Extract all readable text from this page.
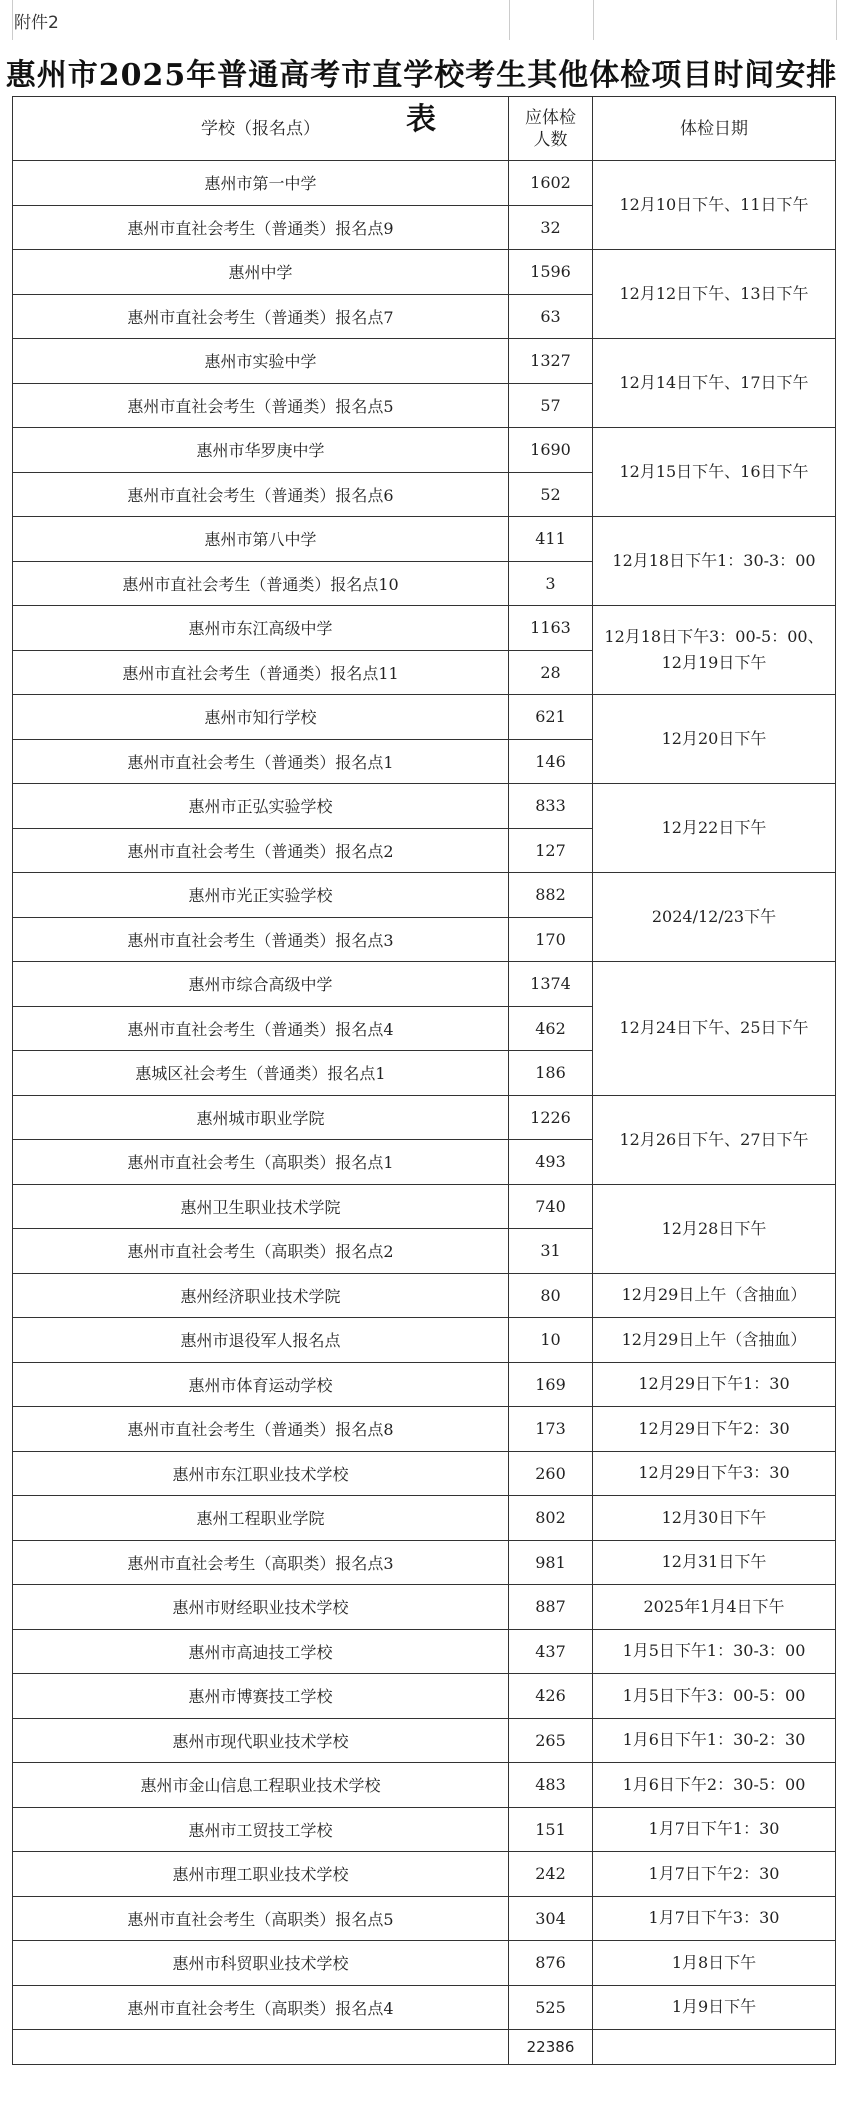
附件2
惠州市2025年普通高考市直学校考生其他体检项目时间安排表
学校（报名点）	应体检人数	体检日期
惠州市第一中学	1602	12月10日下午、11日下午
惠州市直社会考生（普通类）报名点9	32	
惠州中学	1596	12月12日下午、13日下午
惠州市直社会考生（普通类）报名点7	63	
惠州市实验中学	1327	12月14日下午、17日下午
惠州市直社会考生（普通类）报名点5	57	
惠州市华罗庚中学	1690	12月15日下午、16日下午
惠州市直社会考生（普通类）报名点6	52	
惠州市第八中学	411	12月18日下午1：30-3：00
惠州市直社会考生（普通类）报名点10	3	
惠州市东江高级中学	1163	12月18日下午3：00-5：00、12月19日下午
惠州市直社会考生（普通类）报名点11	28	
惠州市知行学校	621	12月20日下午
惠州市直社会考生（普通类）报名点1	146	
惠州市正弘实验学校	833	12月22日下午
惠州市直社会考生（普通类）报名点2	127	
惠州市光正实验学校	882	2024/12/23下午
惠州市直社会考生（普通类）报名点3	170	
惠州市综合高级中学	1374	12月24日下午、25日下午
惠州市直社会考生（普通类）报名点4	462	
惠城区社会考生（普通类）报名点1	186	
惠州城市职业学院	1226	12月26日下午、27日下午
惠州市直社会考生（高职类）报名点1	493	
惠州卫生职业技术学院	740	12月28日下午
惠州市直社会考生（高职类）报名点2	31	
惠州经济职业技术学院	80	12月29日上午（含抽血）
惠州市退役军人报名点	10	12月29日上午（含抽血）
惠州市体育运动学校	169	12月29日下午1：30
惠州市直社会考生（普通类）报名点8	173	12月29日下午2：30
惠州市东江职业技术学校	260	12月29日下午3：30
惠州工程职业学院	802	12月30日下午
惠州市直社会考生（高职类）报名点3	981	12月31日下午
惠州市财经职业技术学校	887	2025年1月4日下午
惠州市高迪技工学校	437	1月5日下午1：30-3：00
惠州市博赛技工学校	426	1月5日下午3：00-5：00
惠州市现代职业技术学校	265	1月6日下午1：30-2：30
惠州市金山信息工程职业技术学校	483	1月6日下午2：30-5：00
惠州市工贸技工学校	151	1月7日下午1：30
惠州市理工职业技术学校	242	1月7日下午2：30
惠州市直社会考生（高职类）报名点5	304	1月7日下午3：30
惠州市科贸职业技术学校	876	1月8日下午
惠州市直社会考生（高职类）报名点4	525	1月9日下午
	22386	
